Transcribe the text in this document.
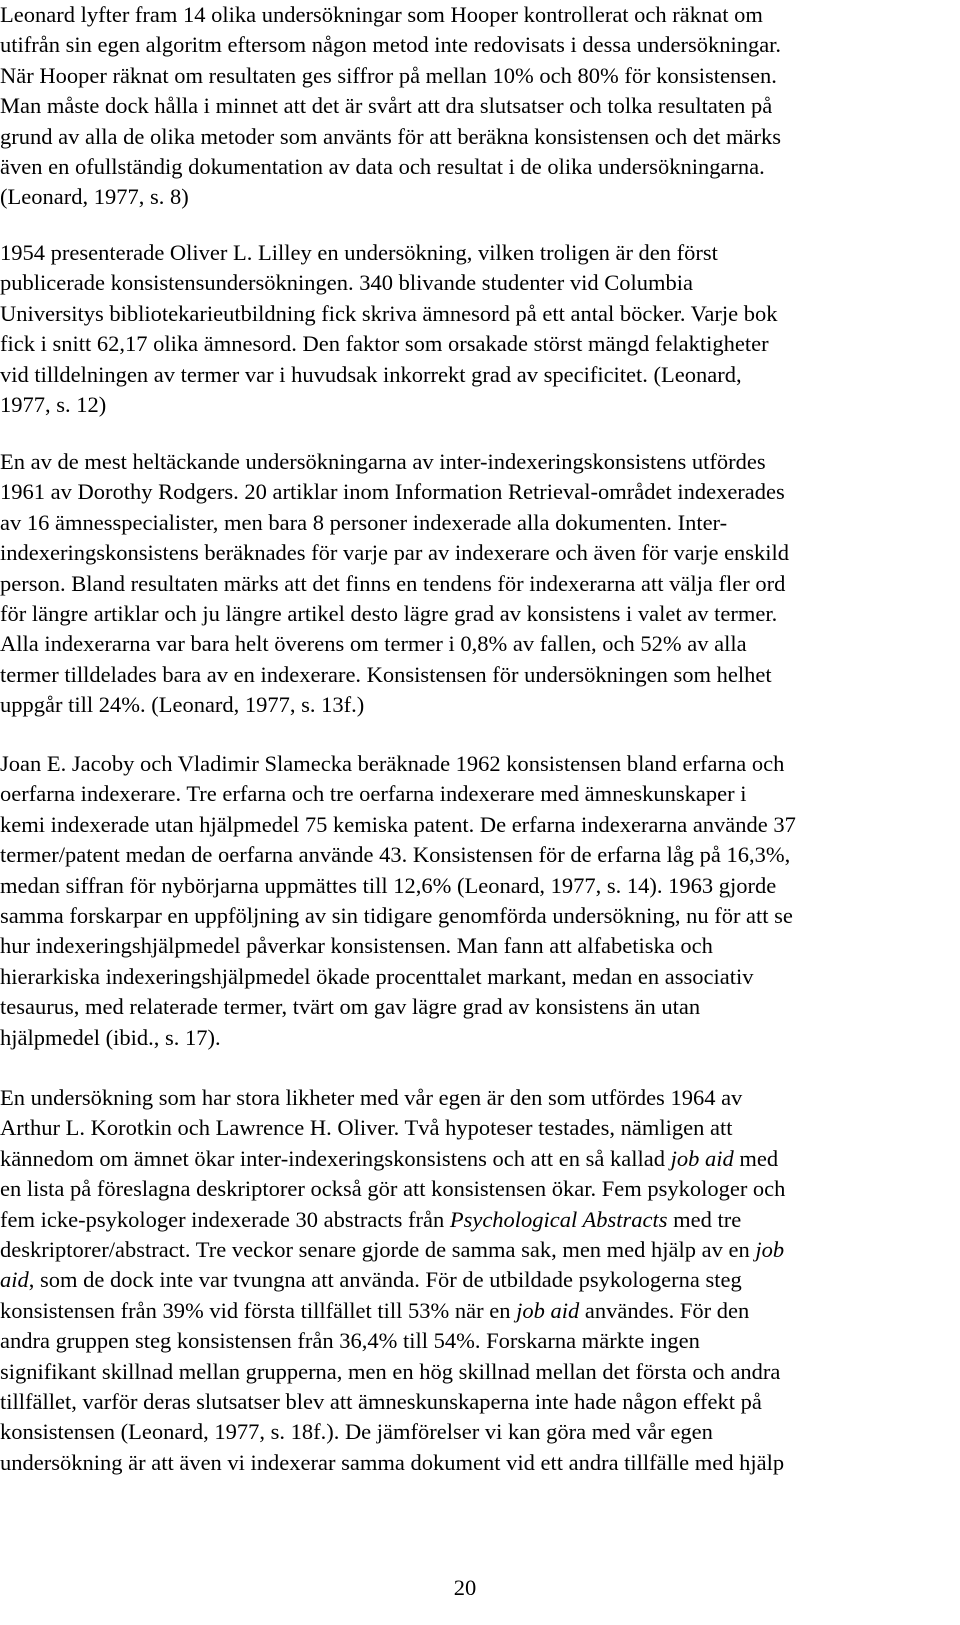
Leonard lyfter fram 14 olika undersökningar som Hooper kontrollerat och räknat om
utifrån sin egen algoritm eftersom någon metod inte redovisats i dessa undersökningar.
När Hooper räknat om resultaten ges siffror på mellan 10% och 80% för konsistensen.
Man måste dock hålla i minnet att det är svårt att dra slutsatser och tolka resultaten på
grund av alla de olika metoder som använts för att beräkna konsistensen och det märks
även en ofullständig dokumentation av data och resultat i de olika undersökningarna.
(Leonard, 1977, s. 8)

1954 presenterade Oliver L. Lilley en undersökning, vilken troligen är den först
publicerade konsistensundersökningen. 340 blivande studenter vid Columbia
Universitys bibliotekarieutbildning fick skriva ämnesord på ett antal böcker. Varje bok
fick i snitt 62,17 olika ämnesord. Den faktor som orsakade störst mängd felaktigheter
vid tilldelningen av termer var i huvudsak inkorrekt grad av specificitet. (Leonard,
1977, s. 12)

En av de mest heltäckande undersökningarna av inter-indexeringskonsistens utfördes
1961 av Dorothy Rodgers. 20 artiklar inom Information Retrieval-området indexerades
av 16 ämnesspecialister, men bara 8 personer indexerade alla dokumenten. Inter-
indexeringskonsistens beräknades för varje par av indexerare och även för varje enskild
person. Bland resultaten märks att det finns en tendens för indexerarna att välja fler ord
för längre artiklar och ju längre artikel desto lägre grad av konsistens i valet av termer.
Alla indexerarna var bara helt överens om termer i 0,8% av fallen, och 52% av alla
termer tilldelades bara av en indexerare. Konsistensen för undersökningen som helhet
uppgår till 24%. (Leonard, 1977, s. 13f.)

Joan E. Jacoby och Vladimir Slamecka beräknade 1962 konsistensen bland erfarna och
oerfarna indexerare. Tre erfarna och tre oerfarna indexerare med ämneskunskaper i
kemi indexerade utan hjälpmedel 75 kemiska patent. De erfarna indexerarna använde 37
termer/patent medan de oerfarna använde 43. Konsistensen för de erfarna låg på 16,3%,
medan siffran för nybörjarna uppmättes till 12,6% (Leonard, 1977, s. 14). 1963 gjorde
samma forskarpar en uppföljning av sin tidigare genomförda undersökning, nu för att se
hur indexeringshjälpmedel påverkar konsistensen. Man fann att alfabetiska och
hierarkiska indexeringshjälpmedel ökade procenttalet markant, medan en associativ
tesaurus, med relaterade termer, tvärt om gav lägre grad av konsistens än utan
hjälpmedel (ibid., s. 17).

En undersökning som har stora likheter med vår egen är den som utfördes 1964 av
Arthur L. Korotkin och Lawrence H. Oliver. Två hypoteser testades, nämligen att
kännedom om ämnet ökar inter-indexeringskonsistens och att en så kallad job aid med
en lista på föreslagna deskriptorer också gör att konsistensen ökar. Fem psykologer och
fem icke-psykologer indexerade 30 abstracts från Psychological Abstracts med tre
deskriptorer/abstract. Tre veckor senare gjorde de samma sak, men med hjälp av en job
aid, som de dock inte var tvungna att använda. För de utbildade psykologerna steg
konsistensen från 39% vid första tillfället till 53% när en job aid användes. För den
andra gruppen steg konsistensen från 36,4% till 54%. Forskarna märkte ingen
signifikant skillnad mellan grupperna, men en hög skillnad mellan det första och andra
tillfället, varför deras slutsatser blev att ämneskunskaperna inte hade någon effekt på
konsistensen (Leonard, 1977, s. 18f.). De jämförelser vi kan göra med vår egen
undersökning är att även vi indexerar samma dokument vid ett andra tillfälle med hjälp

20
